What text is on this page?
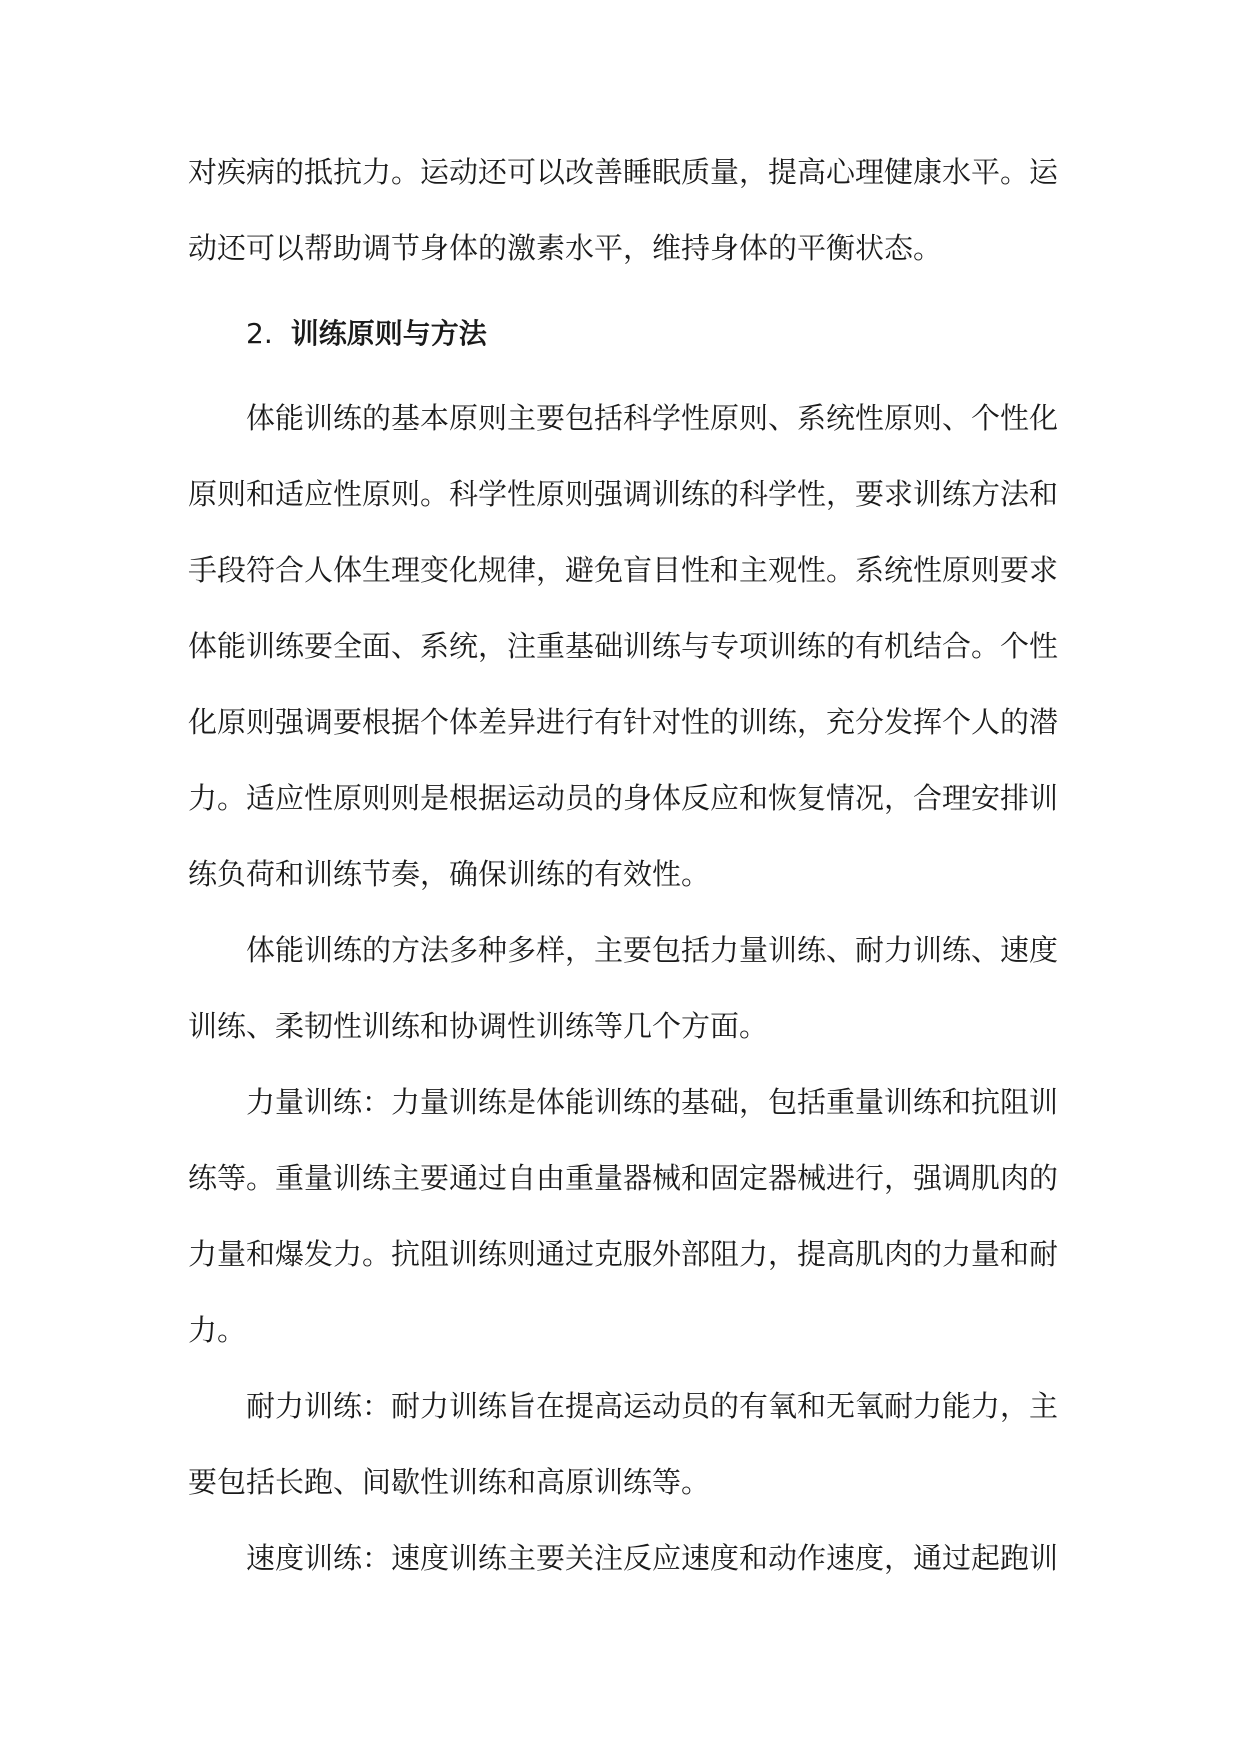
对疾病的抵抗力。运动还可以改善睡眠质量，提高心理健康水平。运动还可以帮助调节身体的激素水平，维持身体的平衡状态。

2. 训练原则与方法

体能训练的基本原则主要包括科学性原则、系统性原则、个性化原则和适应性原则。科学性原则强调训练的科学性，要求训练方法和手段符合人体生理变化规律，避免盲目性和主观性。系统性原则要求体能训练要全面、系统，注重基础训练与专项训练的有机结合。个性化原则强调要根据个体差异进行有针对性的训练，充分发挥个人的潜力。适应性原则则是根据运动员的身体反应和恢复情况，合理安排训练负荷和训练节奏，确保训练的有效性。

体能训练的方法多种多样，主要包括力量训练、耐力训练、速度训练、柔韧性训练和协调性训练等几个方面。

力量训练：力量训练是体能训练的基础，包括重量训练和抗阻训练等。重量训练主要通过自由重量器械和固定器械进行，强调肌肉的力量和爆发力。抗阻训练则通过克服外部阻力，提高肌肉的力量和耐力。

耐力训练：耐力训练旨在提高运动员的有氧和无氧耐力能力，主要包括长跑、间歇性训练和高原训练等。

速度训练：速度训练主要关注反应速度和动作速度，通过起跑训
